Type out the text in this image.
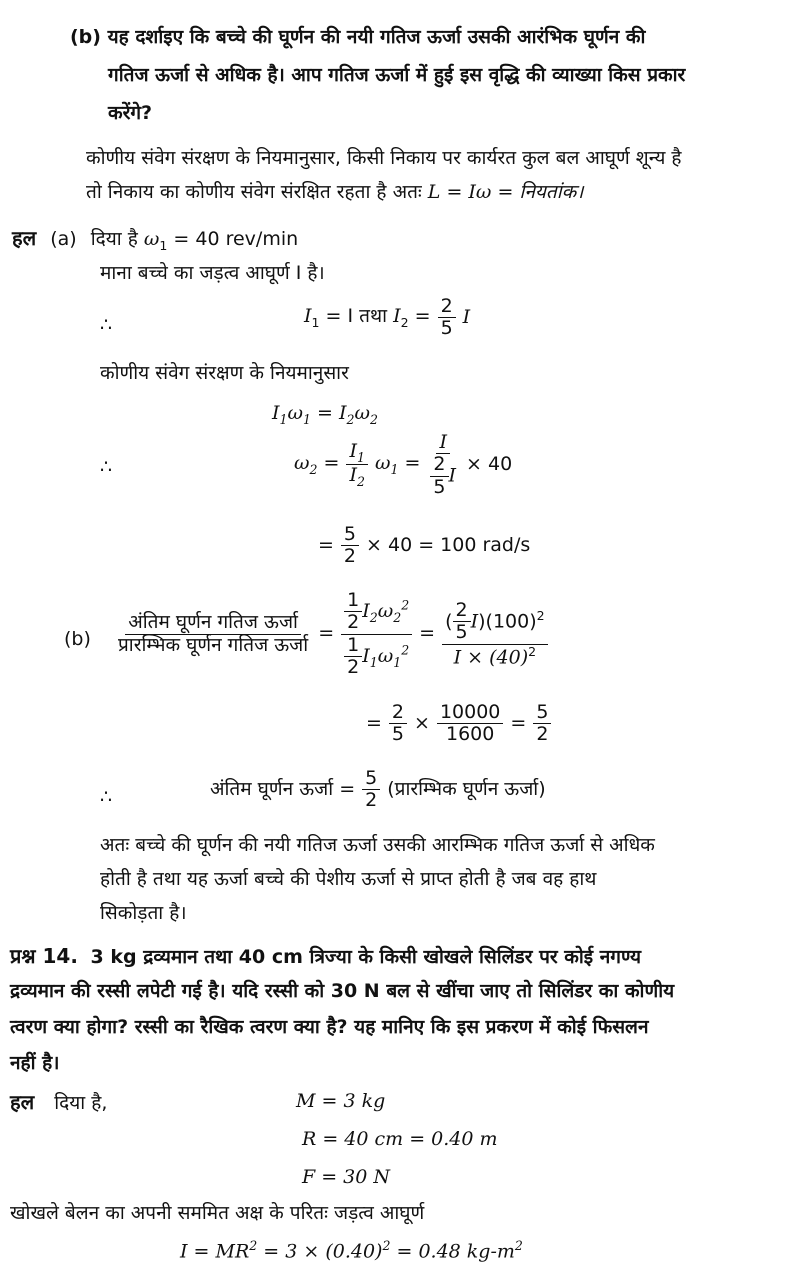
(b) यह दर्शाइए कि बच्चे की घूर्णन की नयी गतिज ऊर्जा उसकी आरंभिक घूर्णन की
गतिज ऊर्जा से अधिक है। आप गतिज ऊर्जा में हुई इस वृद्धि की व्याख्या किस प्रकार
करेंगे?
कोणीय संवेग संरक्षण के नियमानुसार, किसी निकाय पर कार्यरत कुल बल आघूर्ण शून्य है
तो निकाय का कोणीय संवेग संरक्षित रहता है अतः L = Iω = नियतांक।
हल (a) दिया है $\omega_1 = 40$ rev/min
माना बच्चे का जड़त्व आघूर्ण I है।
∴	$I_1 = I$ तथा $I_2 = \frac{2}{5}$ I
कोणीय संवेग संरक्षण के नियमानुसार
$I_1\omega_1 = I_2\omega_2$
∴	$\omega_2 = \frac{I_1}{I_2} \omega_1 = \frac{I}{\frac{2}{5} I} \times 40$
= $\frac{5}{2} \times 40 = 100$ rad/s
$(b) \frac{\text{अंतिम घूर्णन गतिज ऊर्जा}}{\text{प्रारम्भिक घूर्णन गतिज ऊर्जा}} = \frac{\frac{1}{2} I_2\omega_2^2}{\frac{1}{2} I_1\omega_1^2} = \frac{( \frac{2}{5} I)(100)^2}{I \times (40)^2}$
= $\frac{2}{5} \times \frac{10000}{1600} = \frac{5}{2}$
∴	अंतिम घूर्णन ऊर्जा = $\frac{5}{2}$ (प्रारम्भिक घूर्णन ऊर्जा)
अतः बच्चे की घूर्णन की नयी गतिज ऊर्जा उसकी आरम्भिक गतिज ऊर्जा से अधिक
होती है तथा यह ऊर्जा बच्चे की पेशीय ऊर्जा से प्राप्त होती है जब वह हाथ
सिकोड़ता है।
प्रश्न 14. 3 kg द्रव्यमान तथा 40 cm त्रिज्या के किसी खोखले सिलिंडर पर कोई नगण्य
द्रव्यमान की रस्सी लपेटी गई है। यदि रस्सी को 30 N बल से खींचा जाए तो सिलिंडर का कोणीय
त्वरण क्या होगा? रस्सी का रैखिक त्वरण क्या है? यह मानिए कि इस प्रकरण में कोई फिसलन
नहीं है।
हल दिया है,	M = 3 kg
R = 40 cm = 0.40 m
F = 30 N
खोखले बेलन का अपनी सममित अक्ष के परितः जड़त्व आघूर्ण
$I = MR^2 = 3 \times (0.40)^2 = 0.48$ $kg-m^2$
